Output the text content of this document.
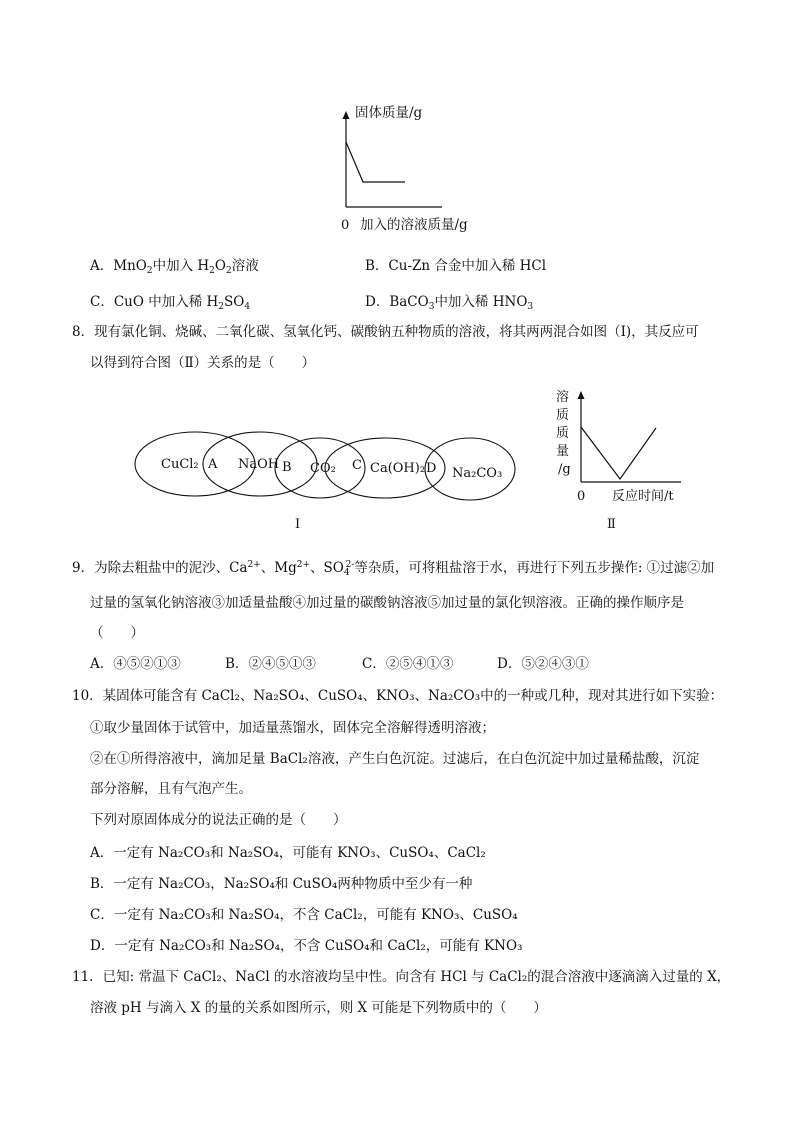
固体质量/g
0 加入的溶液质量/g
A．MnO$_2$中加入 $H_2O_2$溶液	B．Cu-Zn 合金中加入稀 HCl
C．CuO 中加入稀 $H_2SO_4$	D．BaCO$_3$中加入稀 $HNO_3$
8．现有氯化铜、烧碱、二氧化碳、氢氧化钙、碳酸钠五种物质的溶液，将其两两混合如图（I)，其反应可
以得到符合图（Ⅱ）关系的是（　　）
CuCl₂	NaOH CO₂	Ca(OH)₂ Na₂CO₃
A	B	C	D
I
溶
质
质
量
/g
0 反应时间/t
Ⅱ
9．为除去粗盐中的泥沙、$Ca^{2+}$、$Mg^{2+}$、$SO_4^{2-}$等杂质，可将粗盐溶于水，再进行下列五步操作: ①过滤②加
过量的氢氧化钠溶液③加适量盐酸④加过量的碳酸钠溶液⑤加过量的氯化钡溶液。正确的操作顺序是
（　　）
A．④⑤②①③	B．②④⑤①③	C．②⑤④①③	D．⑤②④③①
10．某固体可能含有 CaCl₂、Na₂SO₄、CuSO₄、KNO₃、Na₂CO₃中的一种或几种，现对其进行如下实验：
①取少量固体于试管中，加适量蒸馏水，固体完全溶解得透明溶液；
②在①所得溶液中，滴加足量 BaCl₂溶液，产生白色沉淀。过滤后，在白色沉淀中加过量稀盐酸，沉淀
部分溶解，且有气泡产生。
下列对原固体成分的说法正确的是（　　）
A．一定有 Na₂CO₃和 Na₂SO₄，可能有 KNO₃、CuSO₄、CaCl₂
B．一定有 Na₂CO₃，Na₂SO₄和 CuSO₄两种物质中至少有一种
C．一定有 Na₂CO₃和 Na₂SO₄，不含 CaCl₂，可能有 KNO₃、CuSO₄
D．一定有 Na₂CO₃和 Na₂SO₄，不含 CuSO₄和 CaCl₂，可能有 KNO₃
11．已知: 常温下 CaCl₂、NaCl 的水溶液均呈中性。向含有 HCl 与 CaCl₂的混合溶液中逐滴滴入过量的 X，
溶液 pH 与滴入 X 的量的关系如图所示，则 X 可能是下列物质中的（　　）
